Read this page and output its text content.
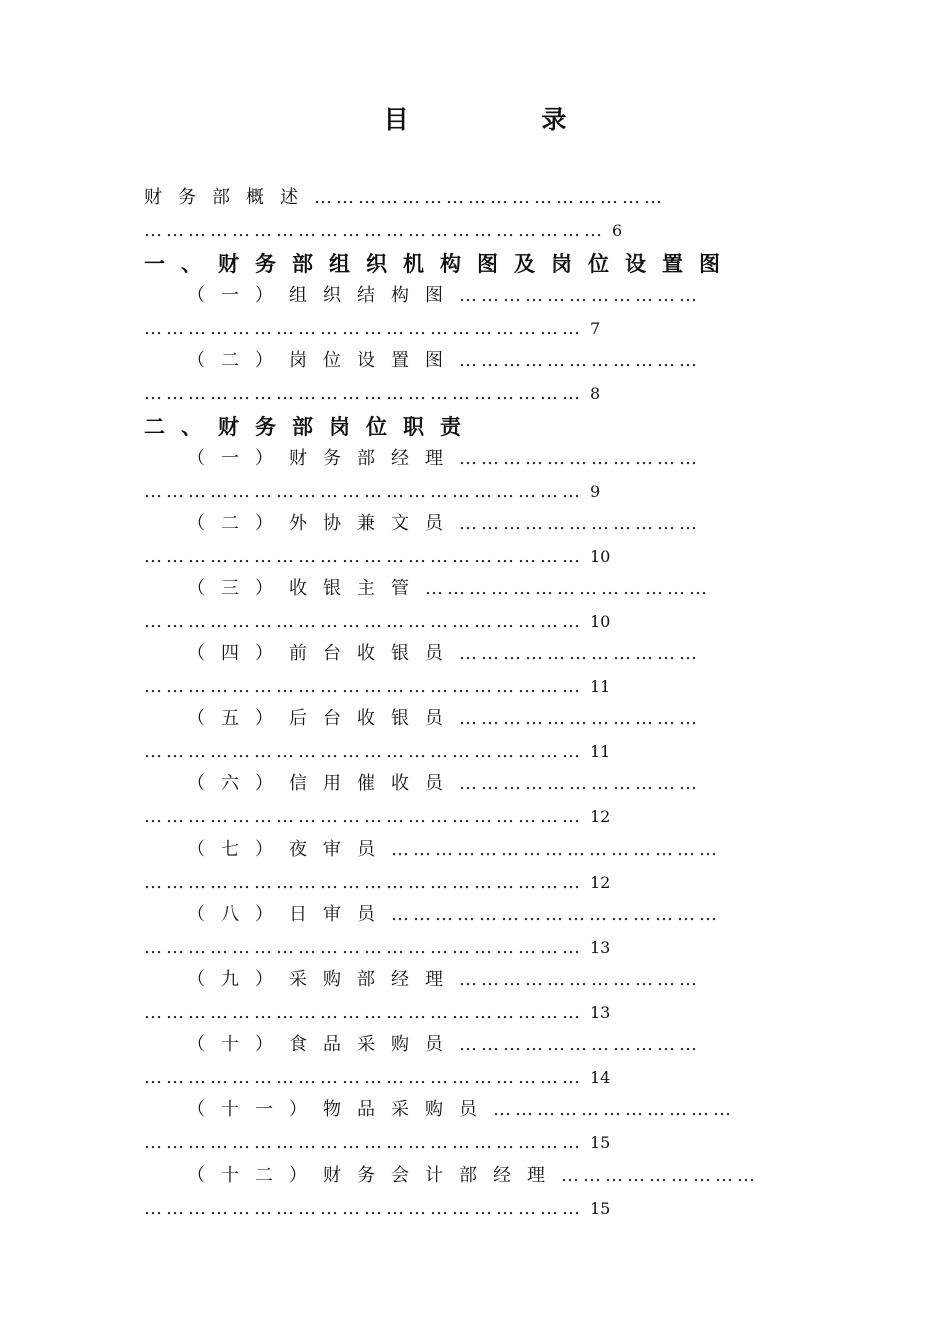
目 录
财务部概述…………………………………………
……………………………………………………… 6
一、财务部组织机构图及岗位设置图
（一）组织结构图……………………………
…………………………………………………… 7
（二）岗位设置图……………………………
…………………………………………………… 8
二、财务部岗位职责
（一）财务部经理……………………………
…………………………………………………… 9
（二）外协兼文员……………………………
…………………………………………………… 10
（三）收银主管…………………………………
…………………………………………………… 10
（四）前台收银员……………………………
…………………………………………………… 11
（五）后台收银员……………………………
…………………………………………………… 11
（六）信用催收员……………………………
…………………………………………………… 12
（七）夜审员………………………………………
…………………………………………………… 12
（八）日审员………………………………………
…………………………………………………… 13
（九）采购部经理……………………………
…………………………………………………… 13
（十）食品采购员……………………………
…………………………………………………… 14
（十一）物品采购员……………………………
…………………………………………………… 15
（十二）财务会计部经理………………………
…………………………………………………… 15
